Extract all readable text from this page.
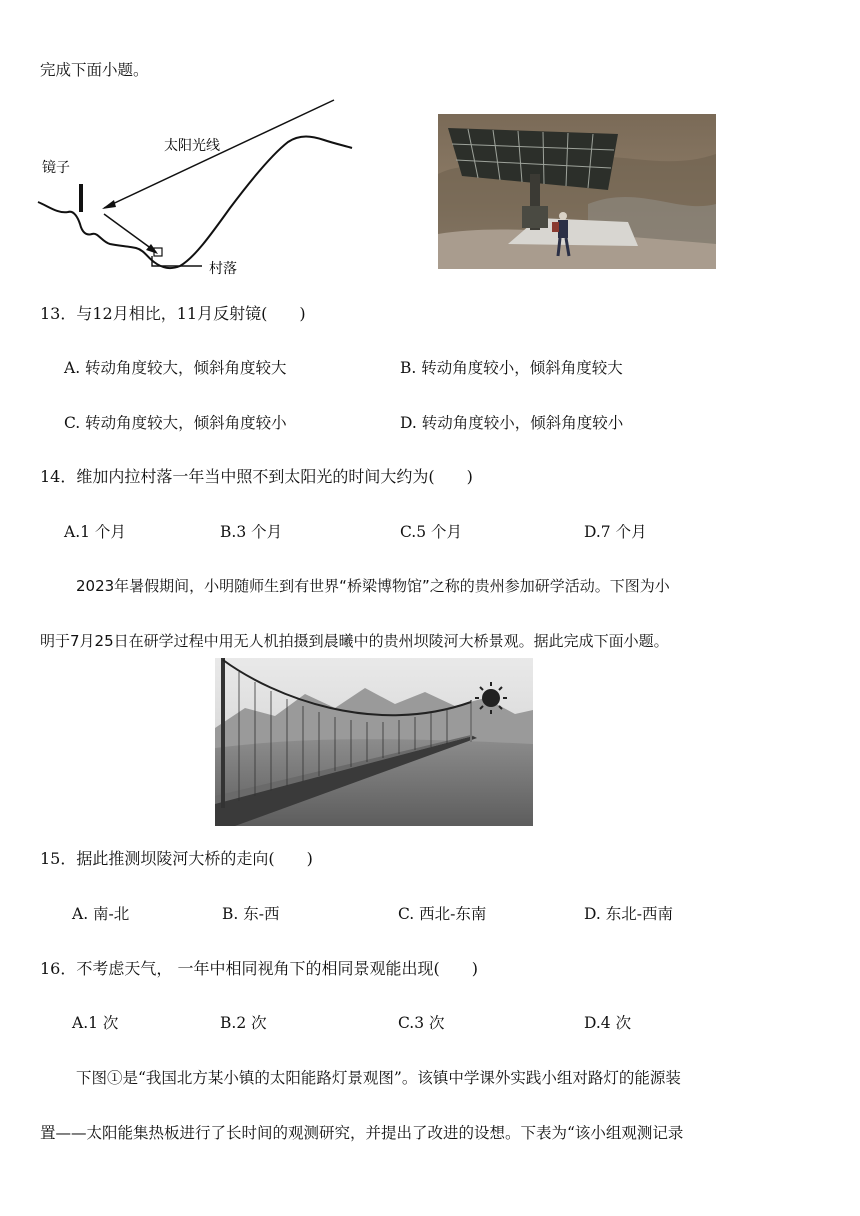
完成下面小题。
太阳光线
镜子
村落
13．与12月相比，11月反射镜(　　)
A. 转动角度较大，倾斜角度较大	B. 转动角度较小，倾斜角度较大
C. 转动角度较大，倾斜角度较小	D. 转动角度较小，倾斜角度较小
14．维加内拉村落一年当中照不到太阳光的时间大约为(　　)
A.1 个月	B.3 个月	C.5 个月	D.7 个月
2023年暑假期间，小明随师生到有世界“桥梁博物馆”之称的贵州参加研学活动。下图为小
明于7月25日在研学过程中用无人机拍摄到晨曦中的贵州坝陵河大桥景观。据此完成下面小题。
15．据此推测坝陵河大桥的走向(　　)
A. 南-北	B. 东-西	C. 西北-东南	D. 东北-西南
16．不考虑天气， 一年中相同视角下的相同景观能出现(　　)
A.1 次	B.2 次	C.3 次	D.4 次
下图①是“我国北方某小镇的太阳能路灯景观图”。该镇中学课外实践小组对路灯的能源装
置——太阳能集热板进行了长时间的观测研究，并提出了改进的设想。下表为“该小组观测记录
